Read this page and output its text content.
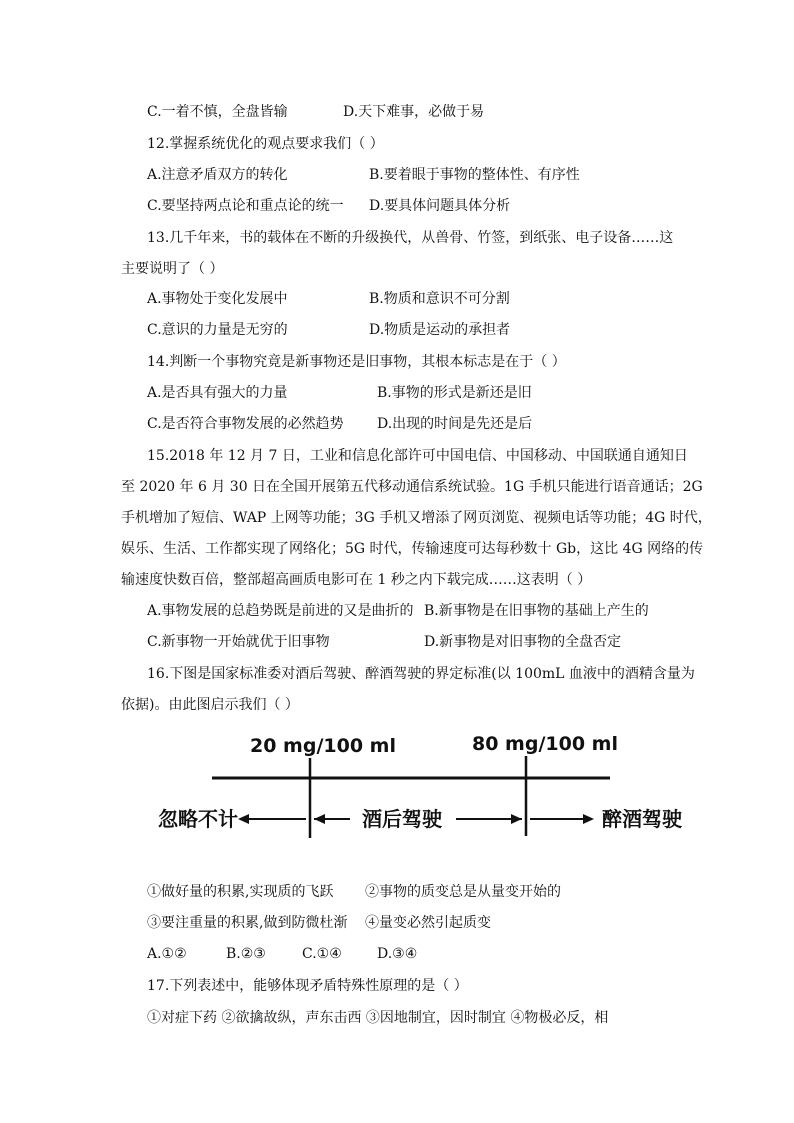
C.一着不慎，全盘皆输	D.天下难事，必做于易
12.掌握系统优化的观点要求我们（ ）
A.注意矛盾双方的转化	B.要着眼于事物的整体性、有序性
C.要坚持两点论和重点论的统一 D.要具体问题具体分析
13.几千年来，书的载体在不断的升级换代，从兽骨、竹签，到纸张、电子设备……这
主要说明了（ ）
A.事物处于变化发展中	B.物质和意识不可分割
C.意识的力量是无穷的	D.物质是运动的承担者
14.判断一个事物究竟是新事物还是旧事物，其根本标志是在于（ ）
A.是否具有强大的力量	B.事物的形式是新还是旧
C.是否符合事物发展的必然趋势 D.出现的时间是先还是后
15.2018 年 12 月 7 日，工业和信息化部许可中国电信、中国移动、中国联通自通知日
至 2020 年 6 月 30 日在全国开展第五代移动通信系统试验。1G 手机只能进行语音通话；2G
手机增加了短信、WAP 上网等功能；3G 手机又增添了网页浏览、视频电话等功能；4G 时代，
娱乐、生活、工作都实现了网络化；5G 时代，传输速度可达每秒数十 Gb，这比 4G 网络的传
输速度快数百倍，整部超高画质电影可在 1 秒之内下载完成……这表明（ ）
A.事物发展的总趋势既是前进的又是曲折的 B.新事物是在旧事物的基础上产生的
C.新事物一开始就优于旧事物	D.新事物是对旧事物的全盘否定
16.下图是国家标准委对酒后驾驶、醉酒驾驶的界定标准(以 100mL 血液中的酒精含量为
依据)。由此图启示我们（ ）
20 mg/100 ml	80 mg/100 ml
忽略不计	酒后驾驶	醉酒驾驶
①做好量的积累,实现质的飞跃 ②事物的质变总是从量变开始的
③要注重量的积累,做到防微杜渐 ④量变必然引起质变
A.①②	B.②③	C.①④	D.③④
17.下列表述中，能够体现矛盾特殊性原理的是（ ）
①对症下药 ②欲擒故纵，声东击西 ③因地制宜，因时制宜 ④物极必反，相
